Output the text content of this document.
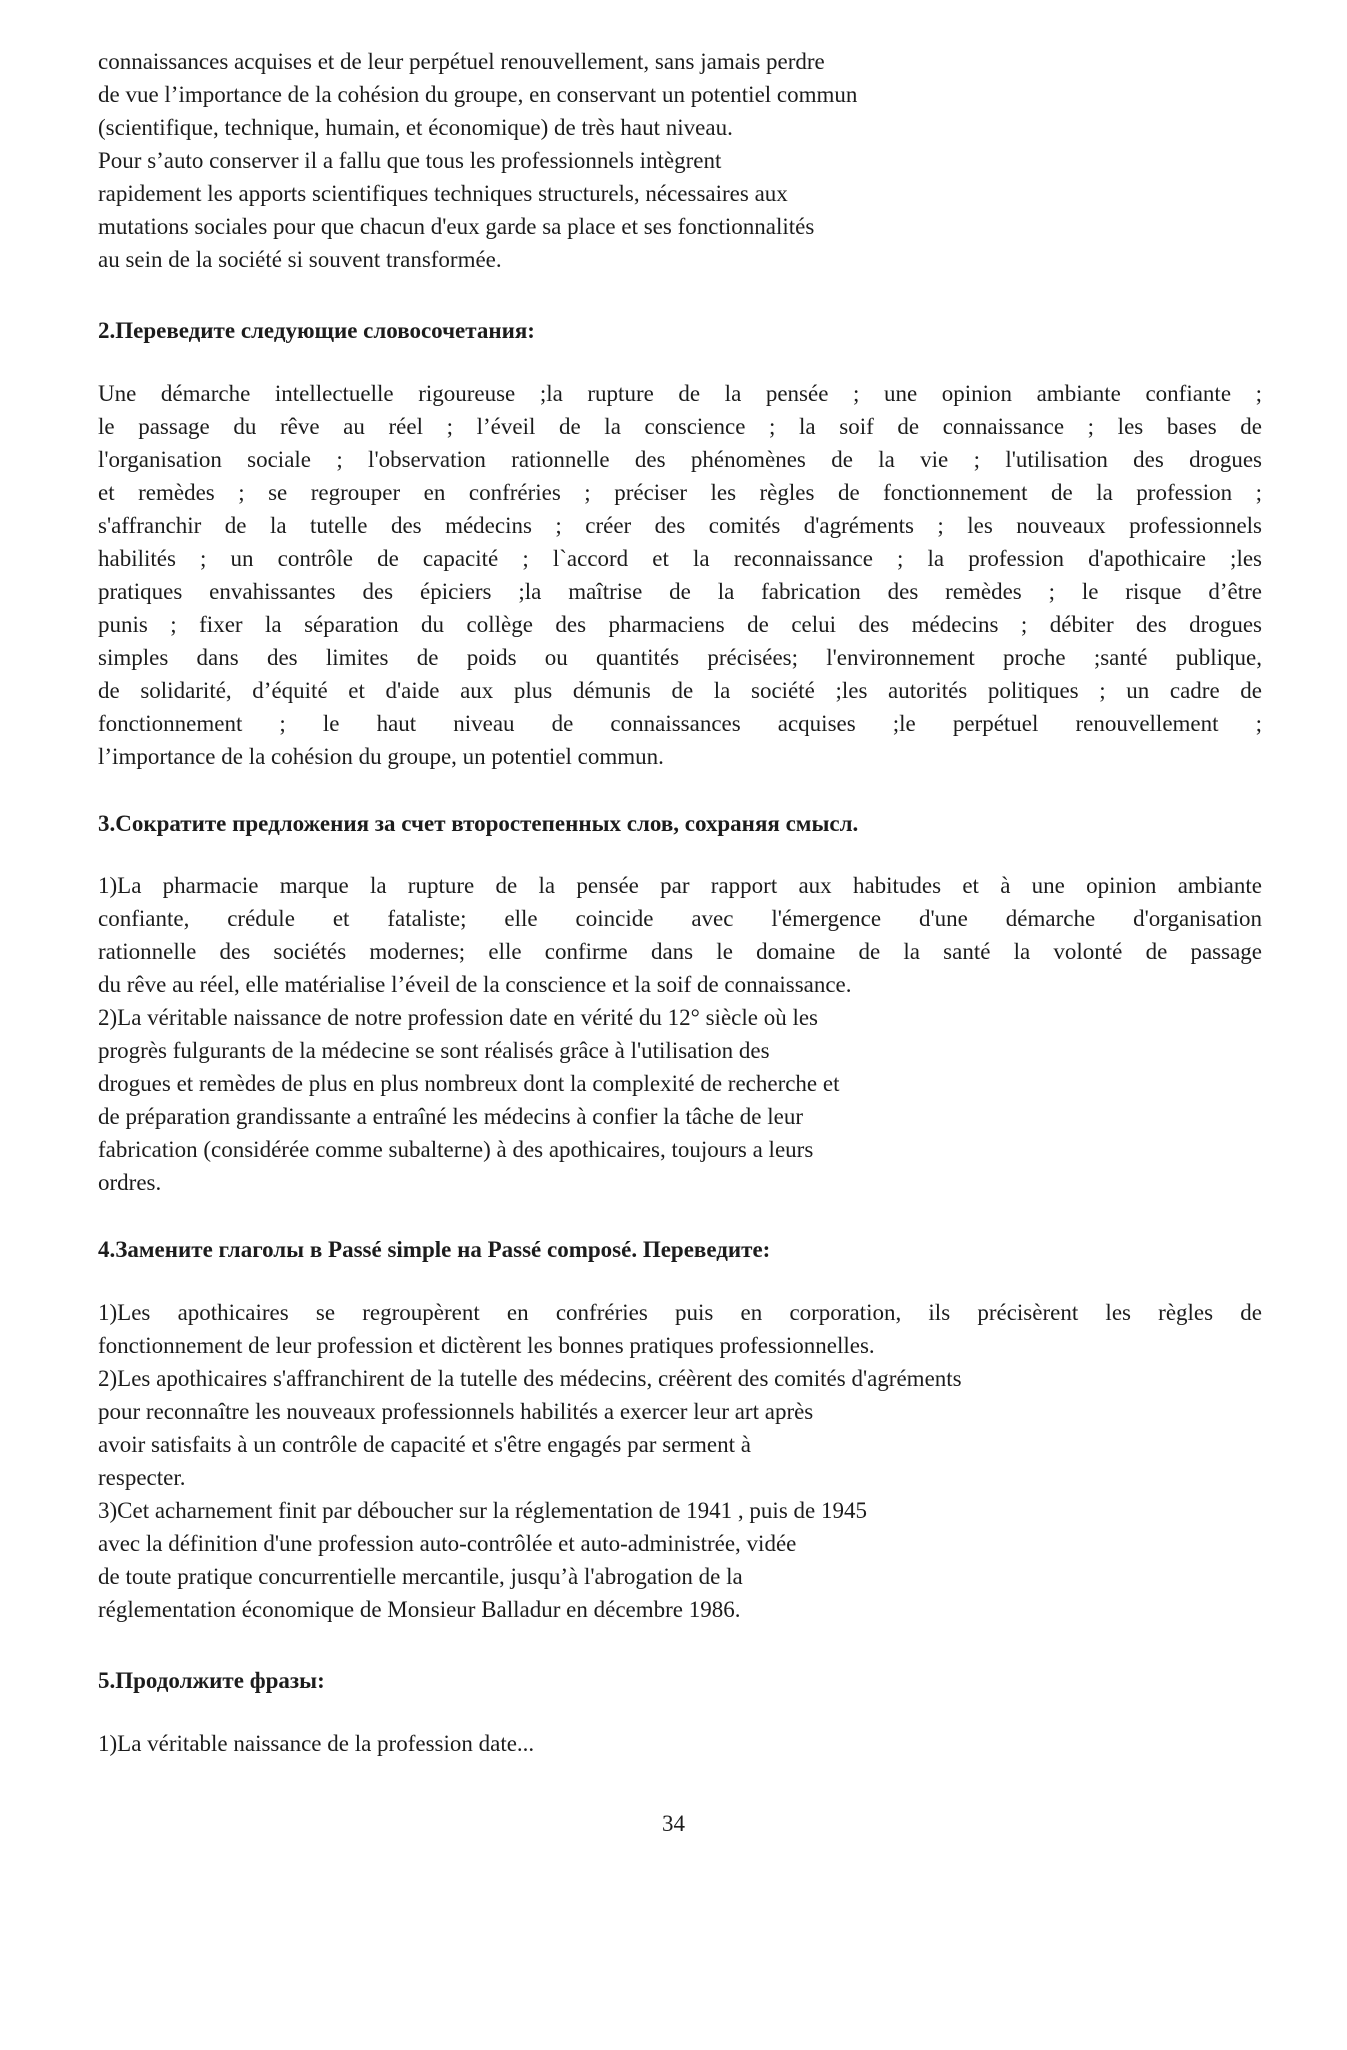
connaissances acquises et de leur perpétuel renouvellement, sans jamais perdre
de vue l’importance de la cohésion du groupe, en conservant un potentiel commun
(scientifique, technique, humain, et économique) de très haut niveau.
Pour s’auto conserver il a fallu que tous les professionnels intègrent
rapidement les apports scientifiques techniques structurels, nécessaires aux
mutations sociales pour que chacun d'eux garde sa place et ses fonctionnalités
au sein de la société si souvent transformée.
2.Переведите следующие словосочетания:
Une démarche intellectuelle rigoureuse ;la rupture de la pensée ; une opinion ambiante confiante ;
le passage du rêve au réel ; l’éveil de la conscience ; la soif de connaissance ; les bases de
l'organisation sociale ; l'observation rationnelle des phénomènes de la vie ; l'utilisation des drogues
et remèdes ; se regrouper en confréries ; préciser les règles de fonctionnement de la profession ;
s'affranchir de la tutelle des médecins ; créer des comités d'agréments ; les nouveaux professionnels
habilités ; un contrôle de capacité ; l`accord et la reconnaissance ; la profession d'apothicaire ;les
pratiques envahissantes des épiciers ;la maîtrise de la fabrication des remèdes ; le risque d’être
punis ; fixer la séparation du collège des pharmaciens de celui des médecins ; débiter des drogues
simples dans des limites de poids ou quantités précisées; l'environnement proche ;santé publique,
de solidarité, d’équité et d'aide aux plus démunis de la société ;les autorités politiques ; un cadre de
fonctionnement ; le haut niveau de connaissances acquises ;le perpétuel renouvellement ;
l’importance de la cohésion du groupe, un potentiel commun.
3.Сократите предложения за счет второстепенных слов, сохраняя смысл.
1)La pharmacie marque la rupture de la pensée par rapport aux habitudes et à une opinion ambiante
confiante, crédule et fataliste; elle coincide avec l'émergence d'une démarche d'organisation
rationnelle des sociétés modernes; elle confirme dans le domaine de la santé la volonté de passage
du rêve au réel, elle matérialise l’éveil de la conscience et la soif de connaissance.
2)La véritable naissance de notre profession date en vérité du 12° siècle où les
progrès fulgurants de la médecine se sont réalisés grâce à l'utilisation des
drogues et remèdes de plus en plus nombreux dont la complexité de recherche et
de préparation grandissante a entraîné les médecins à confier la tâche de leur
fabrication (considérée comme subalterne) à des apothicaires, toujours a leurs
ordres.
4.Замените глаголы в Passé simple на Passé composé. Переведите:
1)Les apothicaires se regroupèrent en confréries puis en corporation, ils précisèrent les règles de
fonctionnement de leur profession et dictèrent les bonnes pratiques professionnelles.
2)Les apothicaires s'affranchirent de la tutelle des médecins, créèrent des comités d'agréments
pour reconnaître les nouveaux professionnels habilités a exercer leur art après
avoir satisfaits à un contrôle de capacité et s'être engagés par serment à
respecter.
3)Cet acharnement finit par déboucher sur la réglementation de 1941 , puis de 1945
avec la définition d'une profession auto-contrôlée et auto-administrée, vidée
de toute pratique concurrentielle mercantile, jusqu’à l'abrogation de la
réglementation économique de Monsieur Balladur en décembre 1986.
5.Продолжите фразы:
1)La véritable naissance de la profession date...
34
